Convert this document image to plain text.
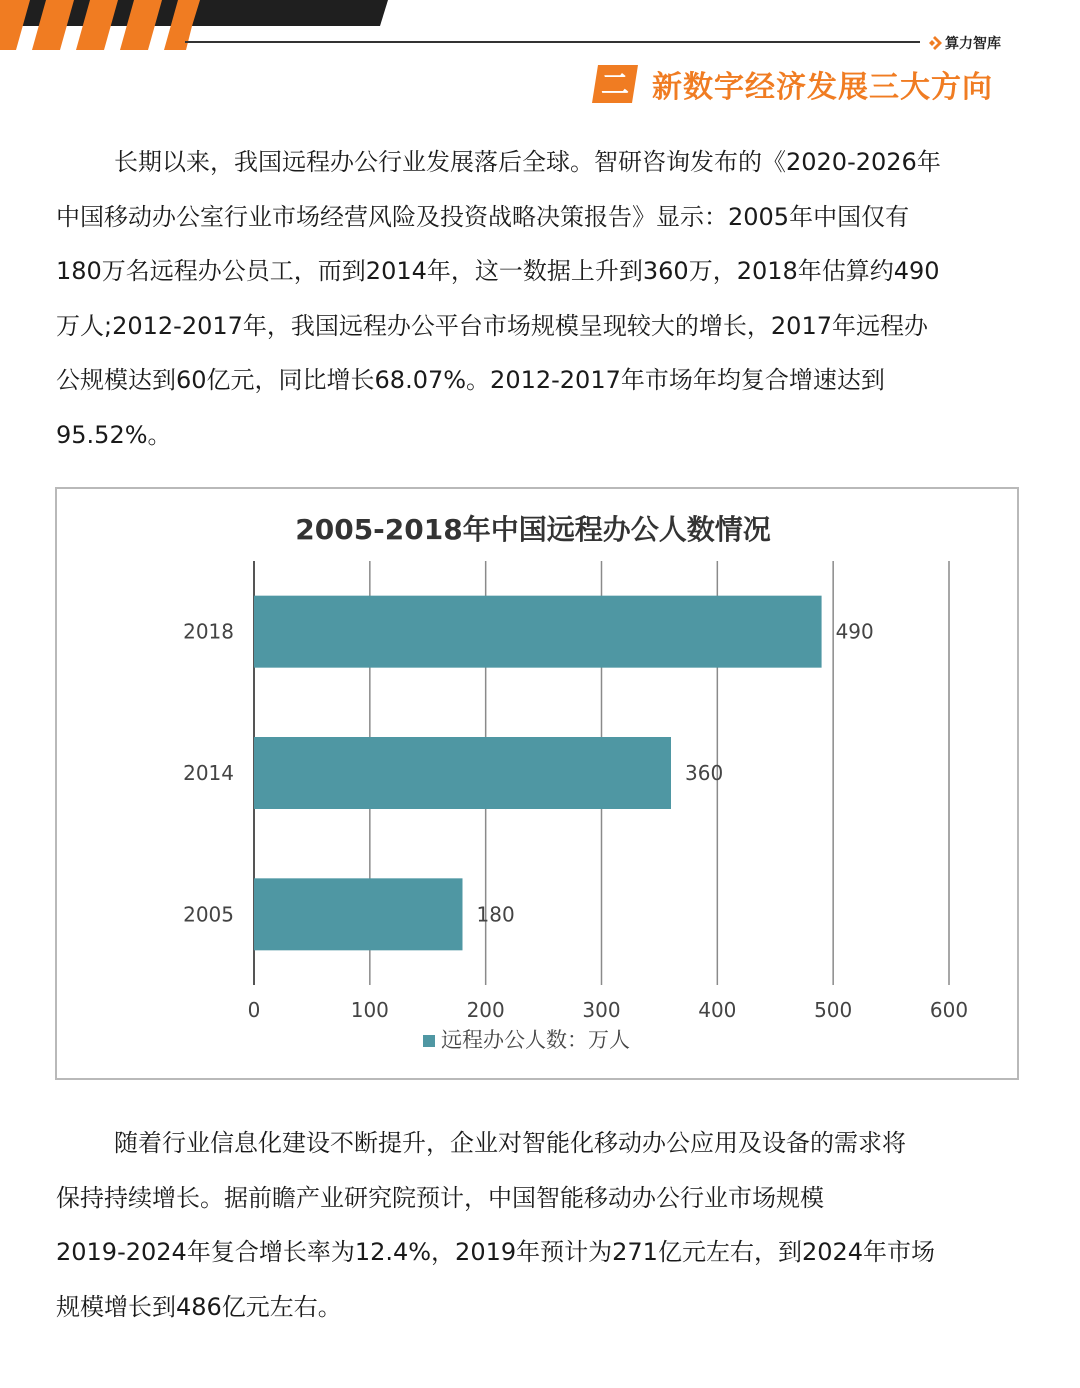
算力智库
二 新数字经济发展三大方向
长期以来，我国远程办公行业发展落后全球。智研咨询发布的《2020-2026年
中国移动办公室行业市场经营风险及投资战略决策报告》显示：2005年中国仅有
180万名远程办公员工，而到2014年，这一数据上升到360万，2018年估算约490
万人;2012-2017年，我国远程办公平台市场规模呈现较大的增长，2017年远程办
公规模达到60亿元，同比增长68.07%。2012-2017年市场年均复合增速达到
95.52%。
2005-2018年中国远程办公人数情况
0	100	200	300	400	500	600
2018	490
2014	360
2005	180
远程办公人数：万人
随着行业信息化建设不断提升，企业对智能化移动办公应用及设备的需求将
保持持续增长。据前瞻产业研究院预计，中国智能移动办公行业市场规模
2019-2024年复合增长率为12.4%，2019年预计为271亿元左右，到2024年市场
规模增长到486亿元左右。
